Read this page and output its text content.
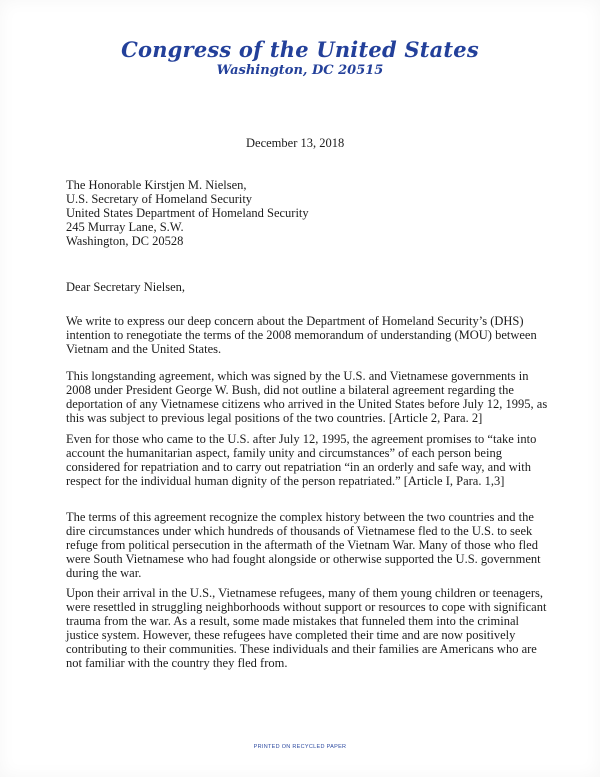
Congress of the United States
Washington, DC 20515
December 13, 2018
The Honorable Kirstjen M. Nielsen,
U.S. Secretary of Homeland Security
United States Department of Homeland Security
245 Murray Lane, S.W.
Washington, DC 20528
Dear Secretary Nielsen,
We write to express our deep concern about the Department of Homeland Security’s (DHS)
intention to renegotiate the terms of the 2008 memorandum of understanding (MOU) between
Vietnam and the United States.
This longstanding agreement, which was signed by the U.S. and Vietnamese governments in
2008 under President George W. Bush, did not outline a bilateral agreement regarding the
deportation of any Vietnamese citizens who arrived in the United States before July 12, 1995, as
this was subject to previous legal positions of the two countries. [Article 2, Para. 2]
Even for those who came to the U.S. after July 12, 1995, the agreement promises to “take into
account the humanitarian aspect, family unity and circumstances” of each person being
considered for repatriation and to carry out repatriation “in an orderly and safe way, and with
respect for the individual human dignity of the person repatriated.” [Article I, Para. 1,3]
The terms of this agreement recognize the complex history between the two countries and the
dire circumstances under which hundreds of thousands of Vietnamese fled to the U.S. to seek
refuge from political persecution in the aftermath of the Vietnam War. Many of those who fled
were South Vietnamese who had fought alongside or otherwise supported the U.S. government
during the war.
Upon their arrival in the U.S., Vietnamese refugees, many of them young children or teenagers,
were resettled in struggling neighborhoods without support or resources to cope with significant
trauma from the war. As a result, some made mistakes that funneled them into the criminal
justice system. However, these refugees have completed their time and are now positively
contributing to their communities. These individuals and their families are Americans who are
not familiar with the country they fled from.
PRINTED ON RECYCLED PAPER
